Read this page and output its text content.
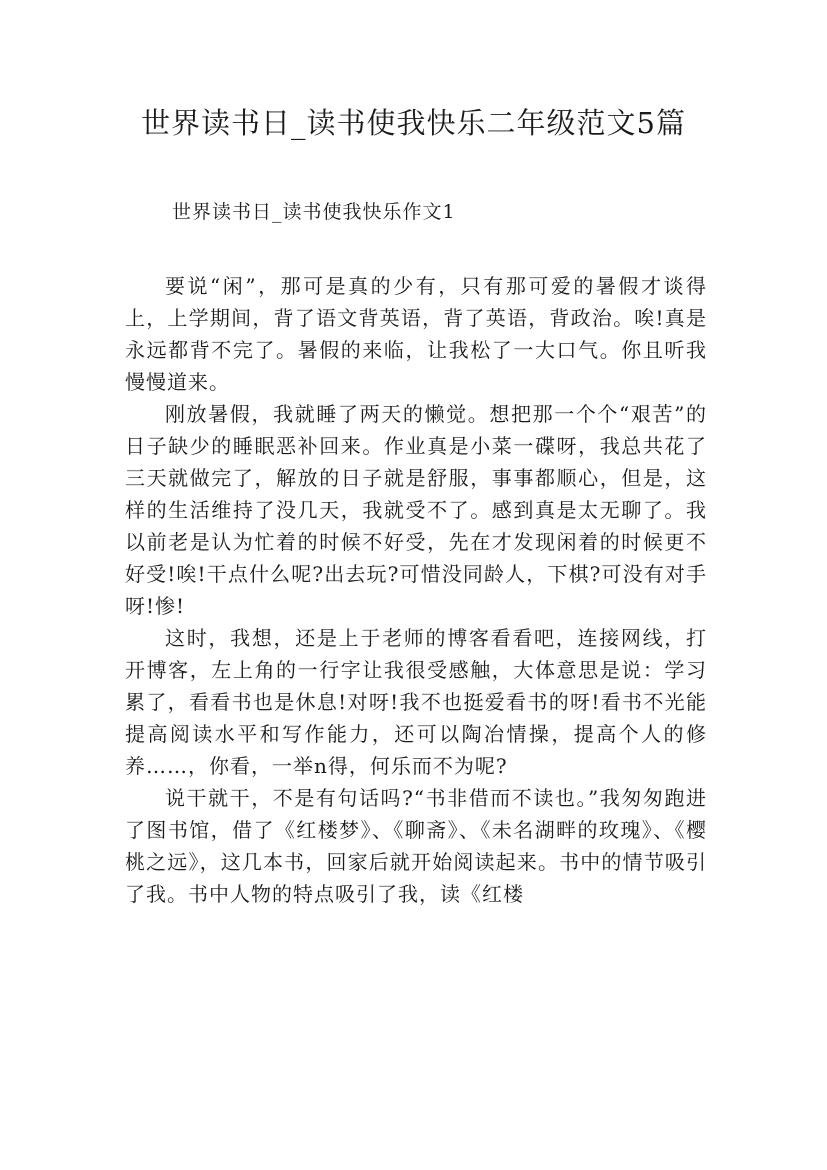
世界读书日_读书使我快乐二年级范文5篇
世界读书日_读书使我快乐作文1

要说“闲”，那可是真的少有，只有那可爱的暑假才谈得上，上学期间，背了语文背英语，背了英语，背政治。唉!真是永远都背不完了。暑假的来临，让我松了一大口气。你且听我慢慢道来。

刚放暑假，我就睡了两天的懒觉。想把那一个个“艰苦”的日子缺少的睡眠恶补回来。作业真是小菜一碟呀，我总共花了三天就做完了，解放的日子就是舒服，事事都顺心，但是，这样的生活维持了没几天，我就受不了。感到真是太无聊了。我以前老是认为忙着的时候不好受，先在才发现闲着的时候更不好受!唉!干点什么呢?出去玩?可惜没同龄人，下棋?可没有对手呀!惨!

这时，我想，还是上于老师的博客看看吧，连接网线，打开博客，左上角的一行字让我很受感触，大体意思是说：学习累了，看看书也是休息!对呀!我不也挺爱看书的呀!看书不光能提高阅读水平和写作能力，还可以陶冶情操，提高个人的修养……，你看，一举n得，何乐而不为呢?

说干就干，不是有句话吗?“书非借而不读也。”我匆匆跑进了图书馆，借了《红楼梦》、《聊斋》、《未名湖畔的玫瑰》、《樱桃之远》，这几本书，回家后就开始阅读起来。书中的情节吸引了我。书中人物的特点吸引了我，读《红楼
